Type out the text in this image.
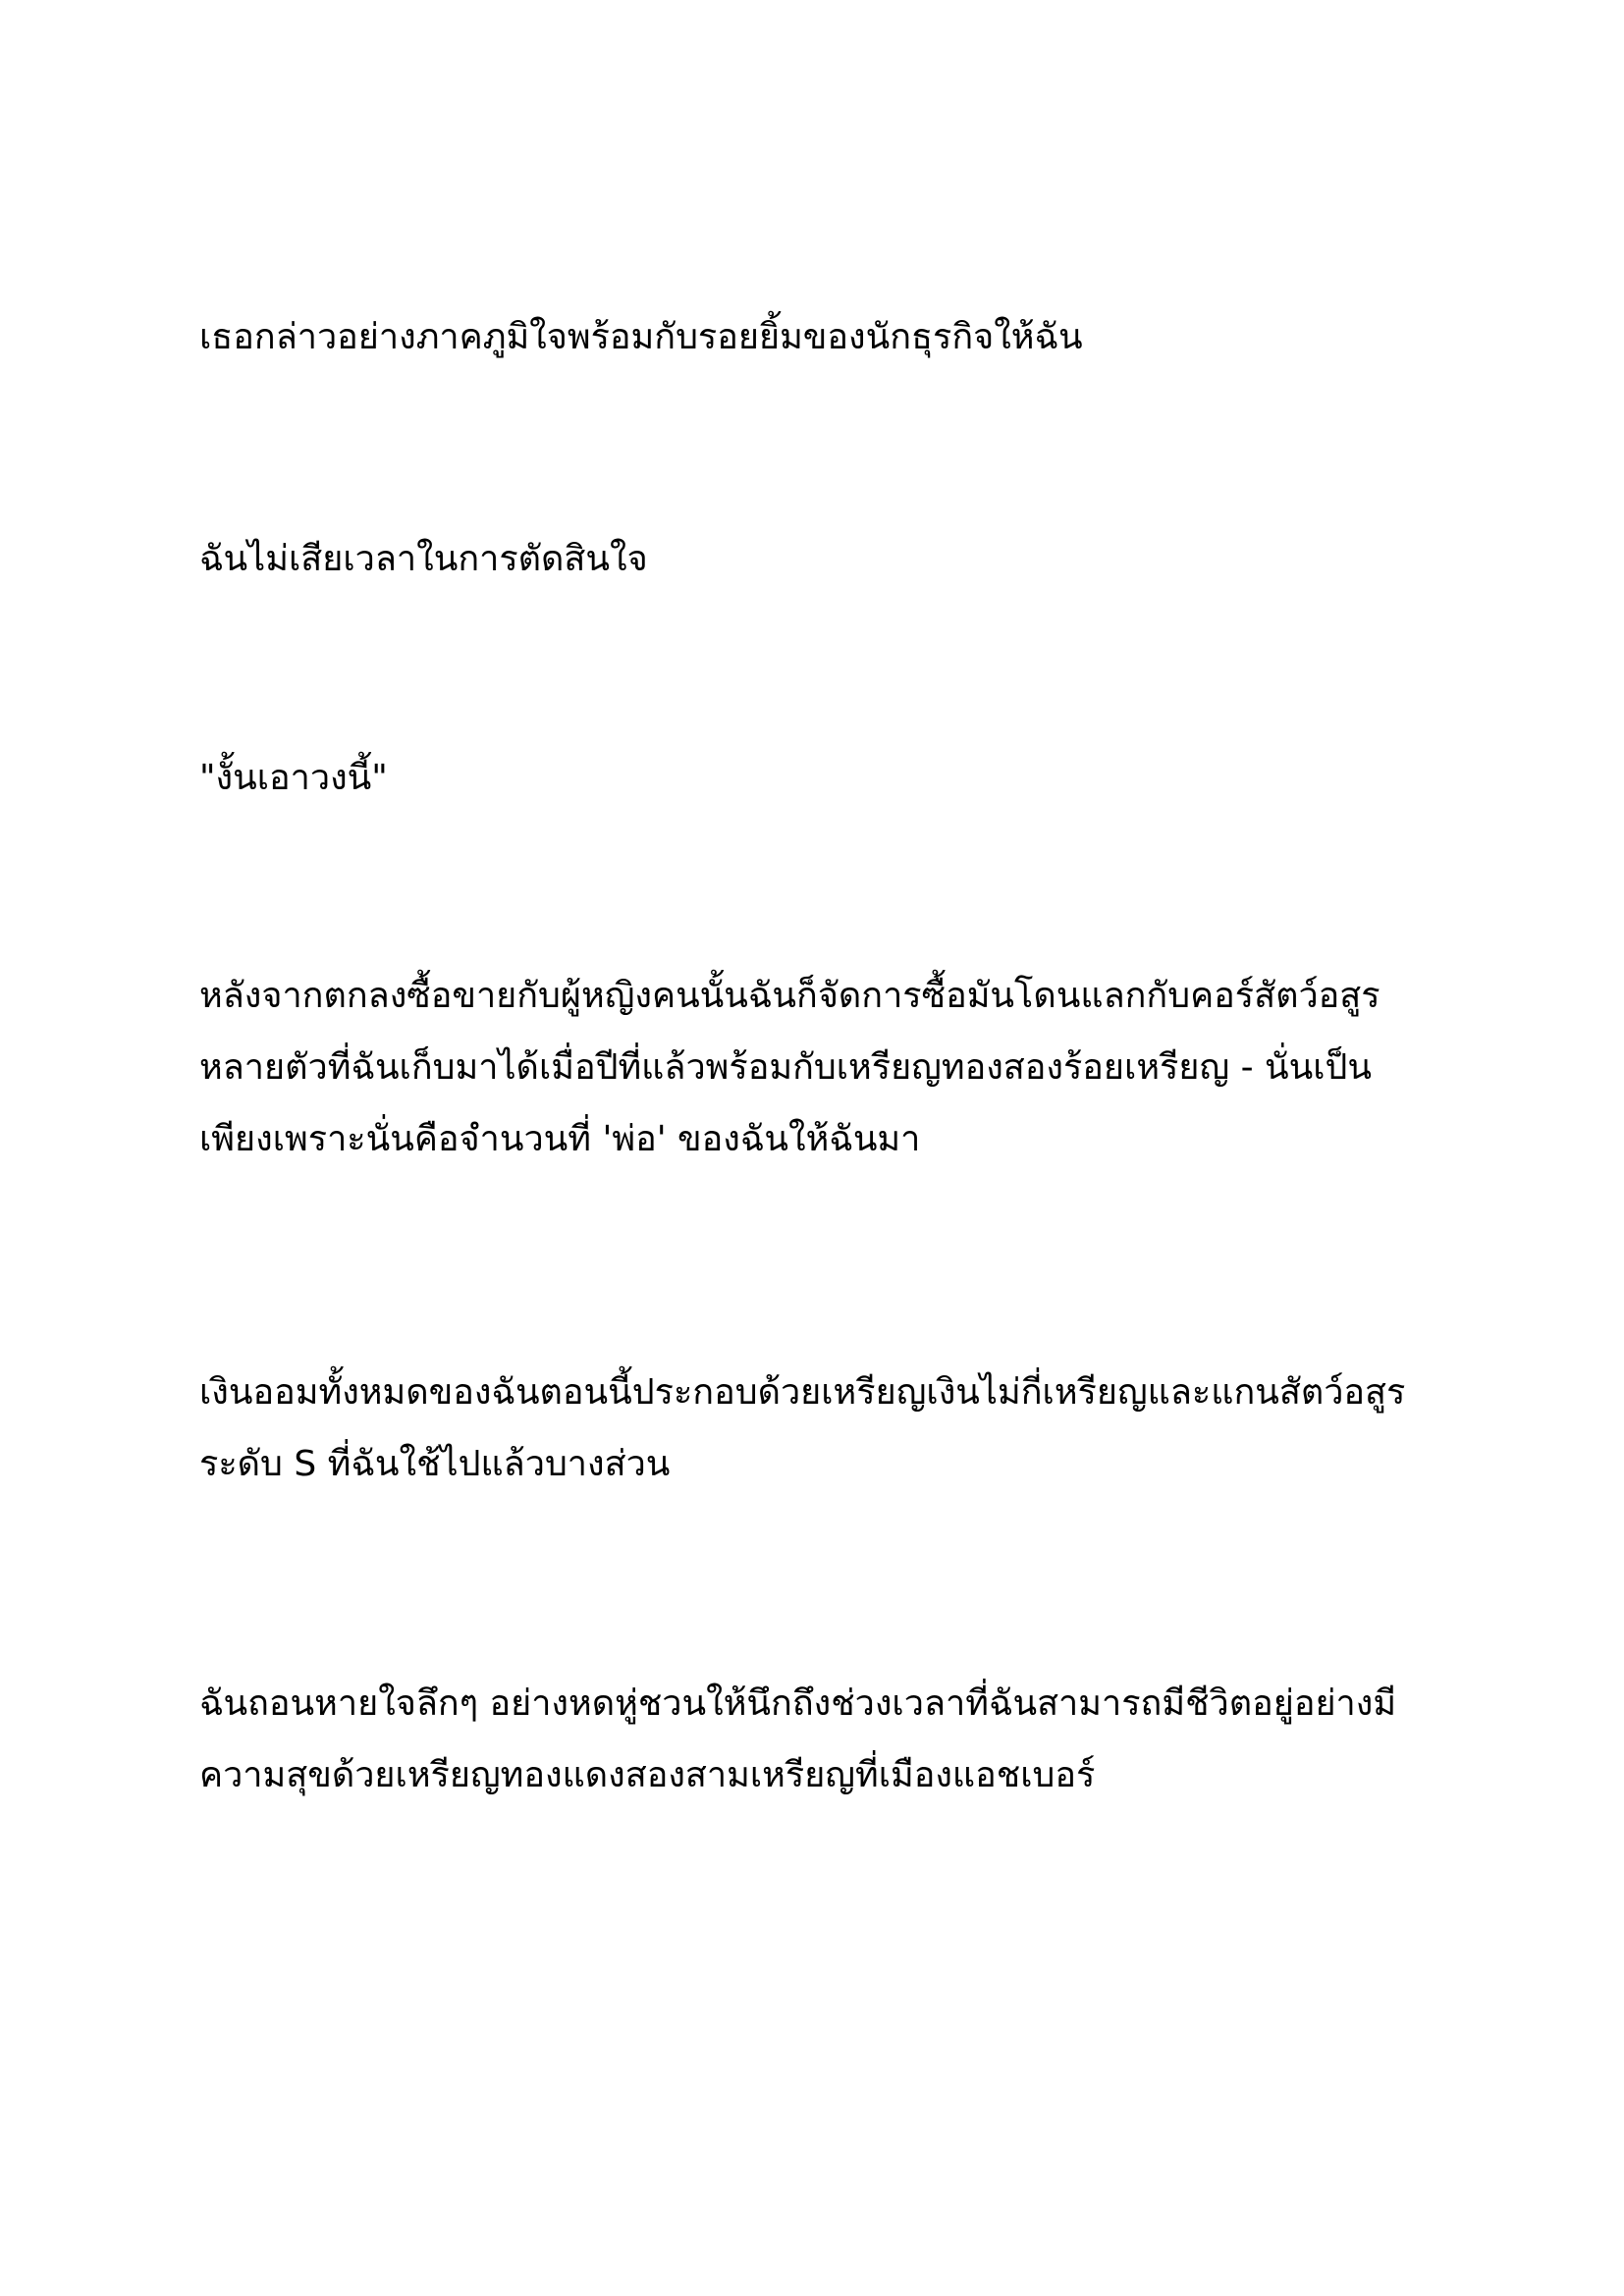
เธอกล่าวอย่างภาคภูมิใจพร้อมกับรอยยิ้มของนักธุรกิจให้ฉัน

ฉันไม่เสียเวลาในการตัดสินใจ

"งั้นเอาวงนี้"

หลังจากตกลงซื้อขายกับผู้หญิงคนนั้นฉันก็จัดการซื้อมันโดนแลกกับคอร์สัตว์อสูร
หลายตัวที่ฉันเก็บมาได้เมื่อปีที่แล้วพร้อมกับเหรียญทองสองร้อยเหรียญ - นั่นเป็น
เพียงเพราะนั่นคือจำนวนที่ 'พ่อ' ของฉันให้ฉันมา

เงินออมทั้งหมดของฉันตอนนี้ประกอบด้วยเหรียญเงินไม่กี่เหรียญและแกนสัตว์อสูร
ระดับ S ที่ฉันใช้ไปแล้วบางส่วน

ฉันถอนหายใจลึกๆ อย่างหดหู่ชวนให้นึกถึงช่วงเวลาที่ฉันสามารถมีชีวิตอยู่อย่างมี
ความสุขด้วยเหรียญทองแดงสองสามเหรียญที่เมืองแอชเบอร์
